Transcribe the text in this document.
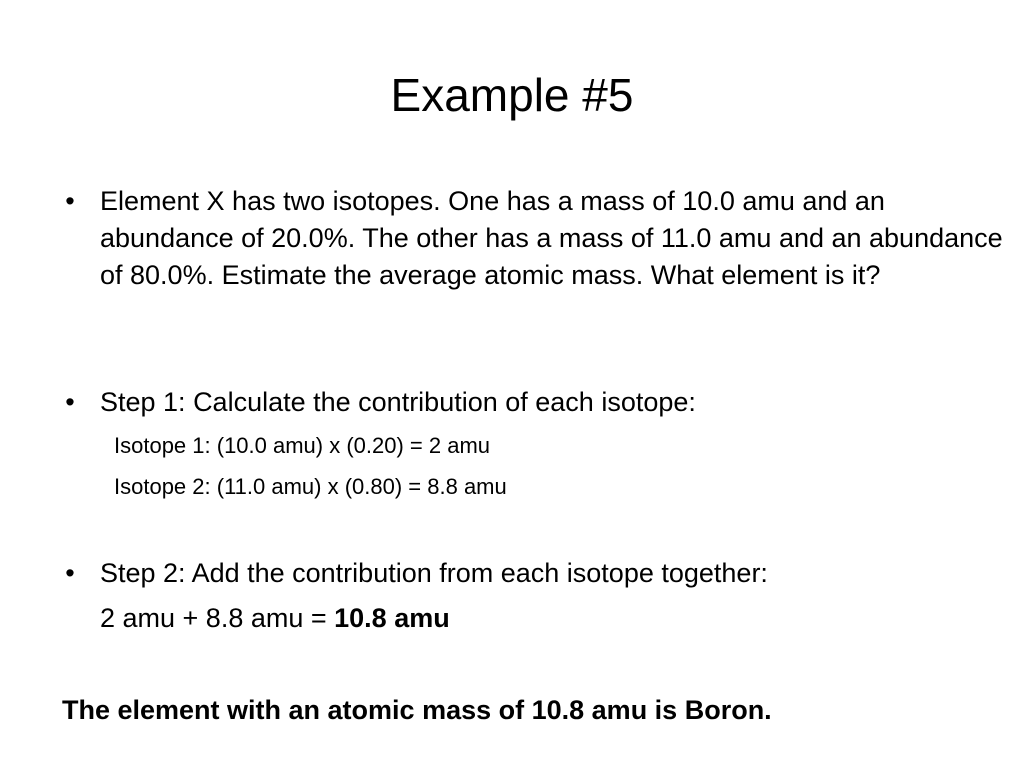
Example #5

• Element X has two isotopes. One has a mass of 10.0 amu and an abundance of 20.0%. The other has a mass of 11.0 amu and an abundance of 80.0%. Estimate the average atomic mass. What element is it?

• Step 1: Calculate the contribution of each isotope:

Isotope 1: (10.0 amu) x (0.20) = 2 amu

Isotope 2: (11.0 amu) x (0.80) = 8.8 amu

• Step 2: Add the contribution from each isotope together:

2 amu + 8.8 amu = 10.8 amu

The element with an atomic mass of 10.8 amu is Boron.
